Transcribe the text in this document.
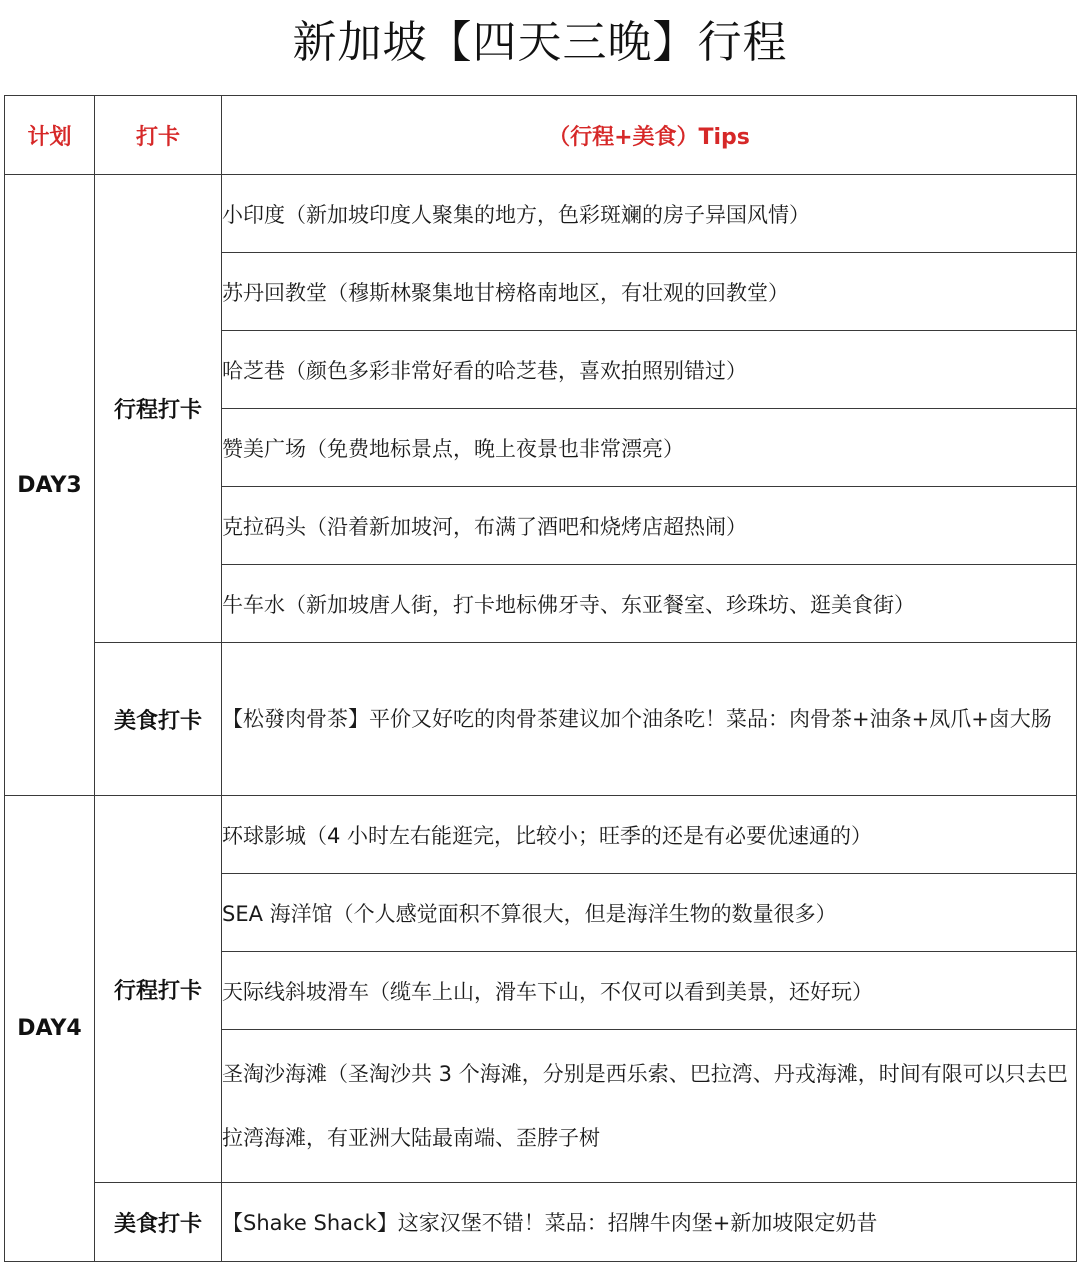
新加坡【四天三晚】行程
计划	打卡	（行程+美食）Tips
DAY3	行程打卡	小印度（新加坡印度人聚集的地方，色彩斑斓的房子异国风情）
		苏丹回教堂（穆斯林聚集地甘榜格南地区，有壮观的回教堂）
		哈芝巷（颜色多彩非常好看的哈芝巷，喜欢拍照别错过）
		赞美广场（免费地标景点，晚上夜景也非常漂亮）
		克拉码头（沿着新加坡河，布满了酒吧和烧烤店超热闹）
		牛车水（新加坡唐人街，打卡地标佛牙寺、东亚餐室、珍珠坊、逛美食街）
	美食打卡	【松發肉骨茶】平价又好吃的肉骨茶建议加个油条吃！菜品：肉骨茶+油条+凤爪+卤大肠
DAY4	行程打卡	环球影城（4 小时左右能逛完，比较小；旺季的还是有必要优速通的）
		SEA 海洋馆（个人感觉面积不算很大，但是海洋生物的数量很多）
		天际线斜坡滑车（缆车上山，滑车下山，不仅可以看到美景，还好玩）
		圣淘沙海滩（圣淘沙共 3 个海滩，分别是西乐索、巴拉湾、丹戎海滩，时间有限可以只去巴拉湾海滩，有亚洲大陆最南端、歪脖子树
	美食打卡	【Shake Shack】这家汉堡不错！菜品：招牌牛肉堡+新加坡限定奶昔
